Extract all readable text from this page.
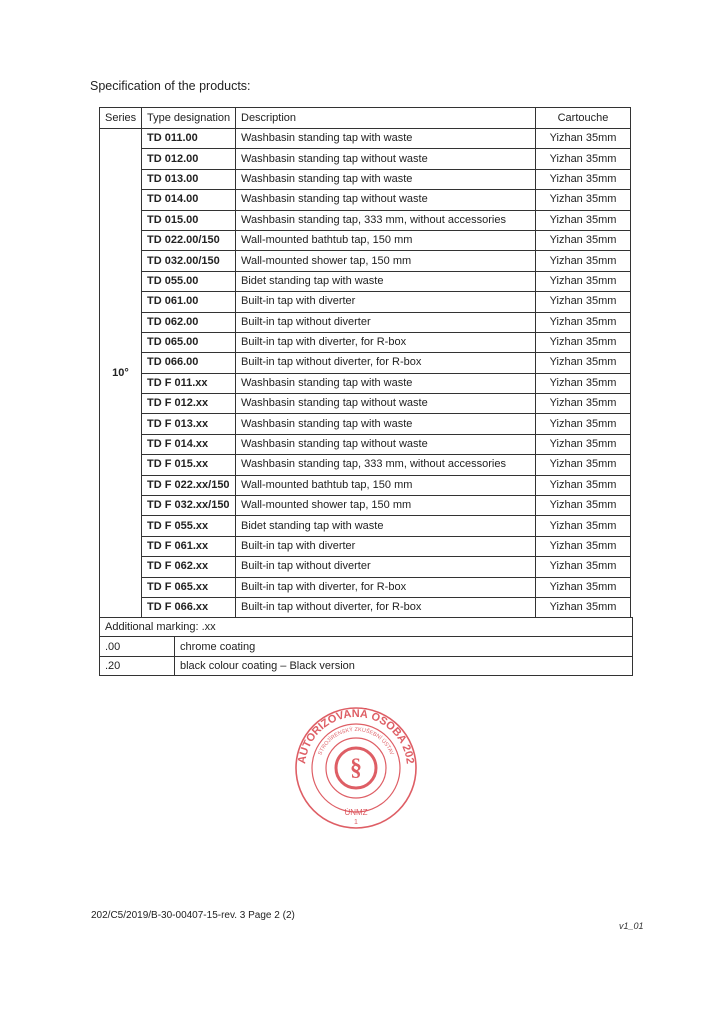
Specification of the products:
Series	Type designation	Description	Cartouche
10°	TD 011.00	Washbasin standing tap with waste	Yizhan 35mm
	TD 012.00	Washbasin standing tap without waste	Yizhan 35mm
	TD 013.00	Washbasin standing tap with waste	Yizhan 35mm
	TD 014.00	Washbasin standing tap without waste	Yizhan 35mm
	TD 015.00	Washbasin standing tap, 333 mm, without accessories	Yizhan 35mm
	TD 022.00/150	Wall-mounted bathtub tap, 150 mm	Yizhan 35mm
	TD 032.00/150	Wall-mounted shower tap, 150 mm	Yizhan 35mm
	TD 055.00	Bidet standing tap with waste	Yizhan 35mm
	TD 061.00	Built-in tap with diverter	Yizhan 35mm
	TD 062.00	Built-in tap without diverter	Yizhan 35mm
	TD 065.00	Built-in tap with diverter, for R-box	Yizhan 35mm
	TD 066.00	Built-in tap without diverter, for R-box	Yizhan 35mm
	TD F 011.xx	Washbasin standing tap with waste	Yizhan 35mm
	TD F 012.xx	Washbasin standing tap without waste	Yizhan 35mm
	TD F 013.xx	Washbasin standing tap with waste	Yizhan 35mm
	TD F 014.xx	Washbasin standing tap without waste	Yizhan 35mm
	TD F 015.xx	Washbasin standing tap, 333 mm, without accessories	Yizhan 35mm
	TD F 022.xx/150	Wall-mounted bathtub tap, 150 mm	Yizhan 35mm
	TD F 032.xx/150	Wall-mounted shower tap, 150 mm	Yizhan 35mm
	TD F 055.xx	Bidet standing tap with waste	Yizhan 35mm
	TD F 061.xx	Built-in tap with diverter	Yizhan 35mm
	TD F 062.xx	Built-in tap without diverter	Yizhan 35mm
	TD F 065.xx	Built-in tap with diverter, for R-box	Yizhan 35mm
	TD F 066.xx	Built-in tap without diverter, for R-box	Yizhan 35mm
Additional marking: .xx	
.00	chrome coating
.20	black colour coating – Black version
AUTORIZOVANÁ OSOBA 202
STROJÍRENSKÝ ZKUŠEBNÍ ÚSTAV
§
ÚNMZ
1
202/C5/2019/B-30-00407-15-rev. 3 Page 2 (2)
v1_01
